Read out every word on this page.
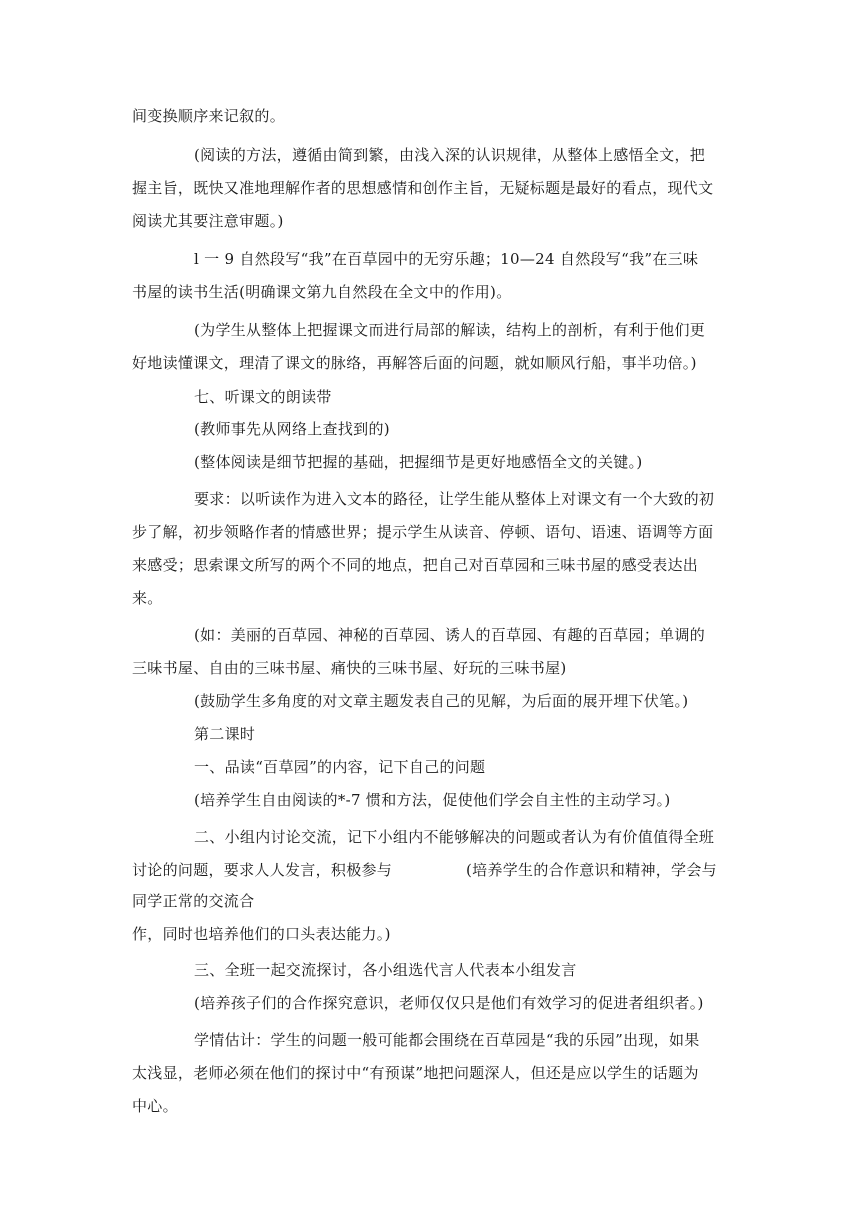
间变换顺序来记叙的。
(阅读的方法，遵循由简到繁，由浅入深的认识规律，从整体上感悟全文，把
握主旨，既快又准地理解作者的思想感情和创作主旨，无疑标题是最好的看点，现代文
阅读尤其要注意审题。)
l 一 9 自然段写“我”在百草园中的无穷乐趣；10—24 自然段写“我”在三味
书屋的读书生活(明确课文第九自然段在全文中的作用)。
(为学生从整体上把握课文而进行局部的解读，结构上的剖析，有利于他们更
好地读懂课文，理清了课文的脉络，再解答后面的问题，就如顺风行船，事半功倍。)
七、听课文的朗读带
(教师事先从网络上查找到的)
(整体阅读是细节把握的基础，把握细节是更好地感悟全文的关键。)
要求：以听读作为进入文本的路径，让学生能从整体上对课文有一个大致的初
步了解，初步领略作者的情感世界；提示学生从读音、停顿、语句、语速、语调等方面
来感受；思索课文所写的两个不同的地点，把自己对百草园和三味书屋的感受表达出
来。
(如：美丽的百草园、神秘的百草园、诱人的百草园、有趣的百草园；单调的
三味书屋、自由的三味书屋、痛快的三味书屋、好玩的三味书屋)
(鼓励学生多角度的对文章主题发表自己的见解，为后面的展开埋下伏笔。)
第二课时
一、品读“百草园”的内容，记下自己的问题
(培养学生自由阅读的*-7 惯和方法，促使他们学会自主性的主动学习。)
二、小组内讨论交流，记下小组内不能够解决的问题或者认为有价值值得全班
讨论的问题，要求人人发言，积极参与	(培养学生的合作意识和精神，学会与
同学正常的交流合
作，同时也培养他们的口头表达能力。)
三、全班一起交流探讨，各小组选代言人代表本小组发言
(培养孩子们的合作探究意识，老师仅仅只是他们有效学习的促进者组织者。)
学情估计：学生的问题一般可能都会围绕在百草园是“我的乐园”出现，如果
太浅显，老师必须在他们的探讨中“有预谋”地把问题深人，但还是应以学生的话题为
中心。
